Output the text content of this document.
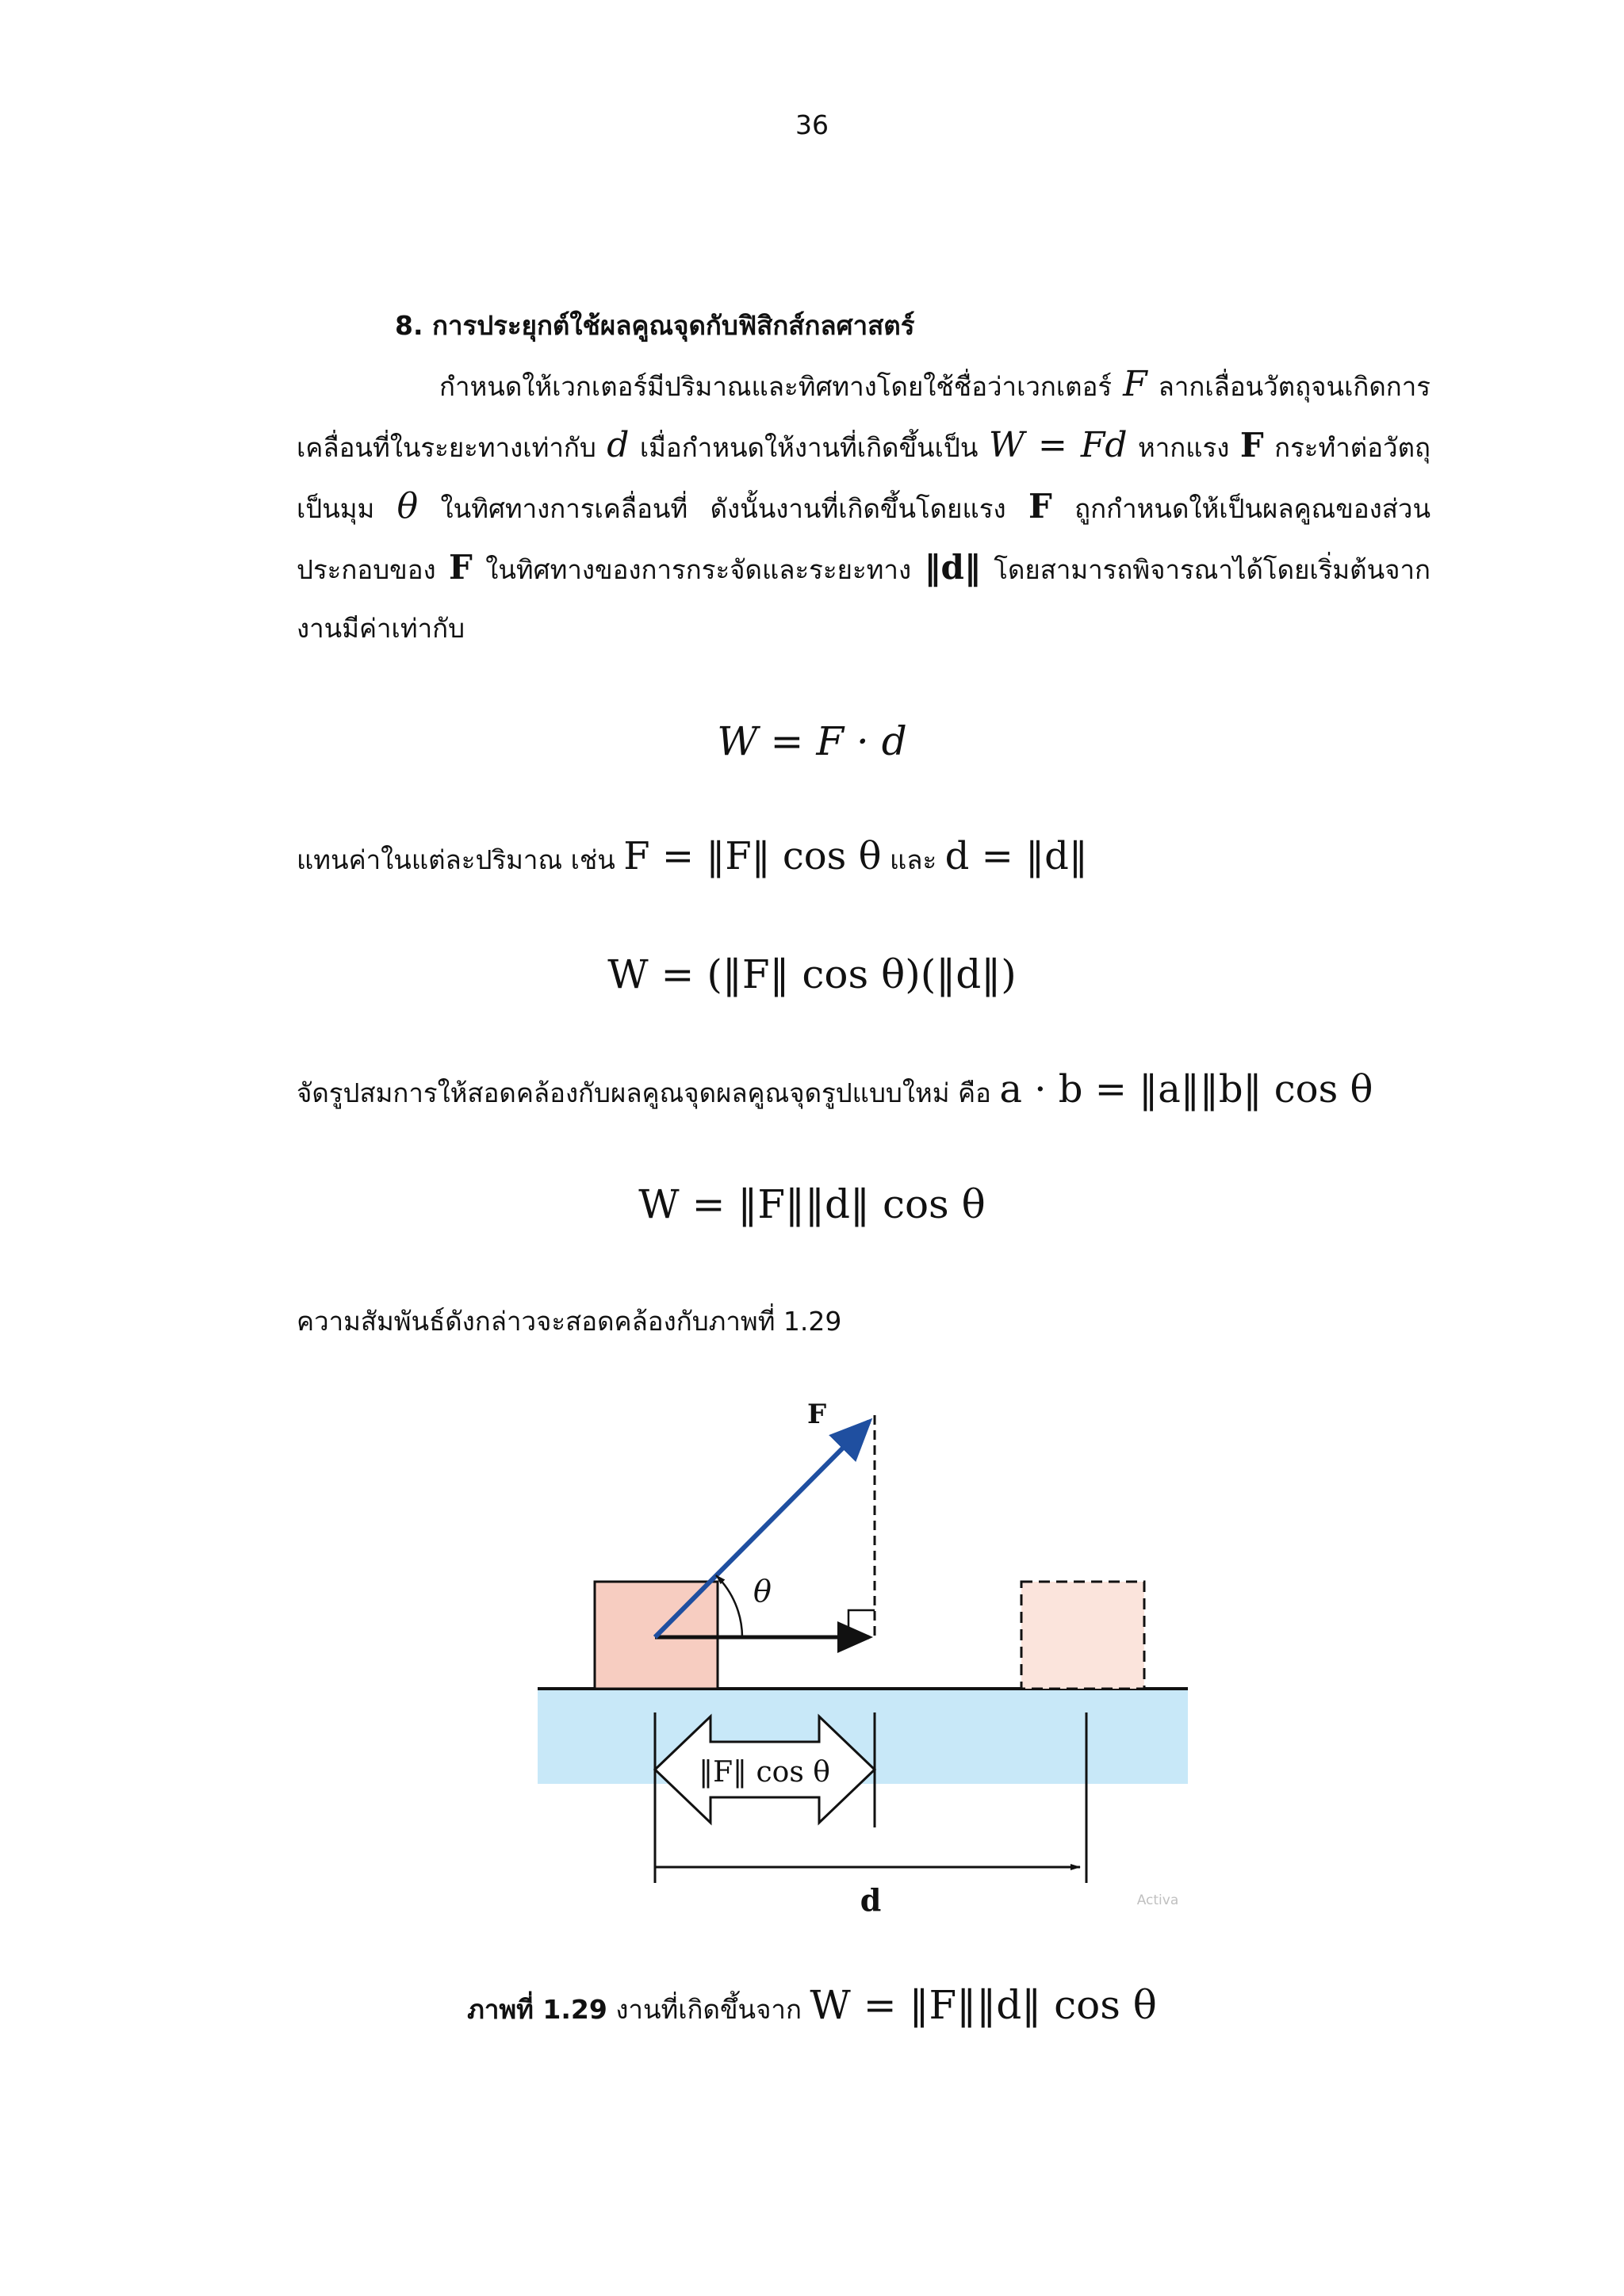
36
8. การประยุกต์ใช้ผลคูณจุดกับฟิสิกส์กลศาสตร์
กำหนดให้เวกเตอร์มีปริมาณและทิศทางโดยใช้ชื่อว่าเวกเตอร์ F ลากเลื่อนวัตถุจนเกิดการเคลื่อนที่ในระยะทางเท่ากับ d เมื่อกำหนดให้งานที่เกิดขึ้นเป็น W = Fd หากแรง F กระทำต่อวัตถุเป็นมุม θ ในทิศทางการเคลื่อนที่ ดังนั้นงานที่เกิดขึ้นโดยแรง F ถูกกำหนดให้เป็นผลคูณของส่วนประกอบของ F ในทิศทางของการกระจัดและระยะทาง ‖d‖ โดยสามารถพิจารณาได้โดยเริ่มต้นจากงานมีค่าเท่ากับ
W = F · d
แทนค่าในแต่ละปริมาณ เช่น F = ‖F‖ cos θ และ d = ‖d‖
W = (‖F‖ cos θ)(‖d‖)
จัดรูปสมการให้สอดคล้องกับผลคูณจุดผลคูณจุดรูปแบบใหม่ คือ a · b = ‖a‖‖b‖ cos θ
W = ‖F‖‖d‖ cos θ
ความสัมพันธ์ดังกล่าวจะสอดคล้องกับภาพที่ 1.29
F
θ
‖F‖ cos θ
d	Activa
ภาพที่ 1.29 งานที่เกิดขึ้นจาก W = ‖F‖‖d‖ cos θ
